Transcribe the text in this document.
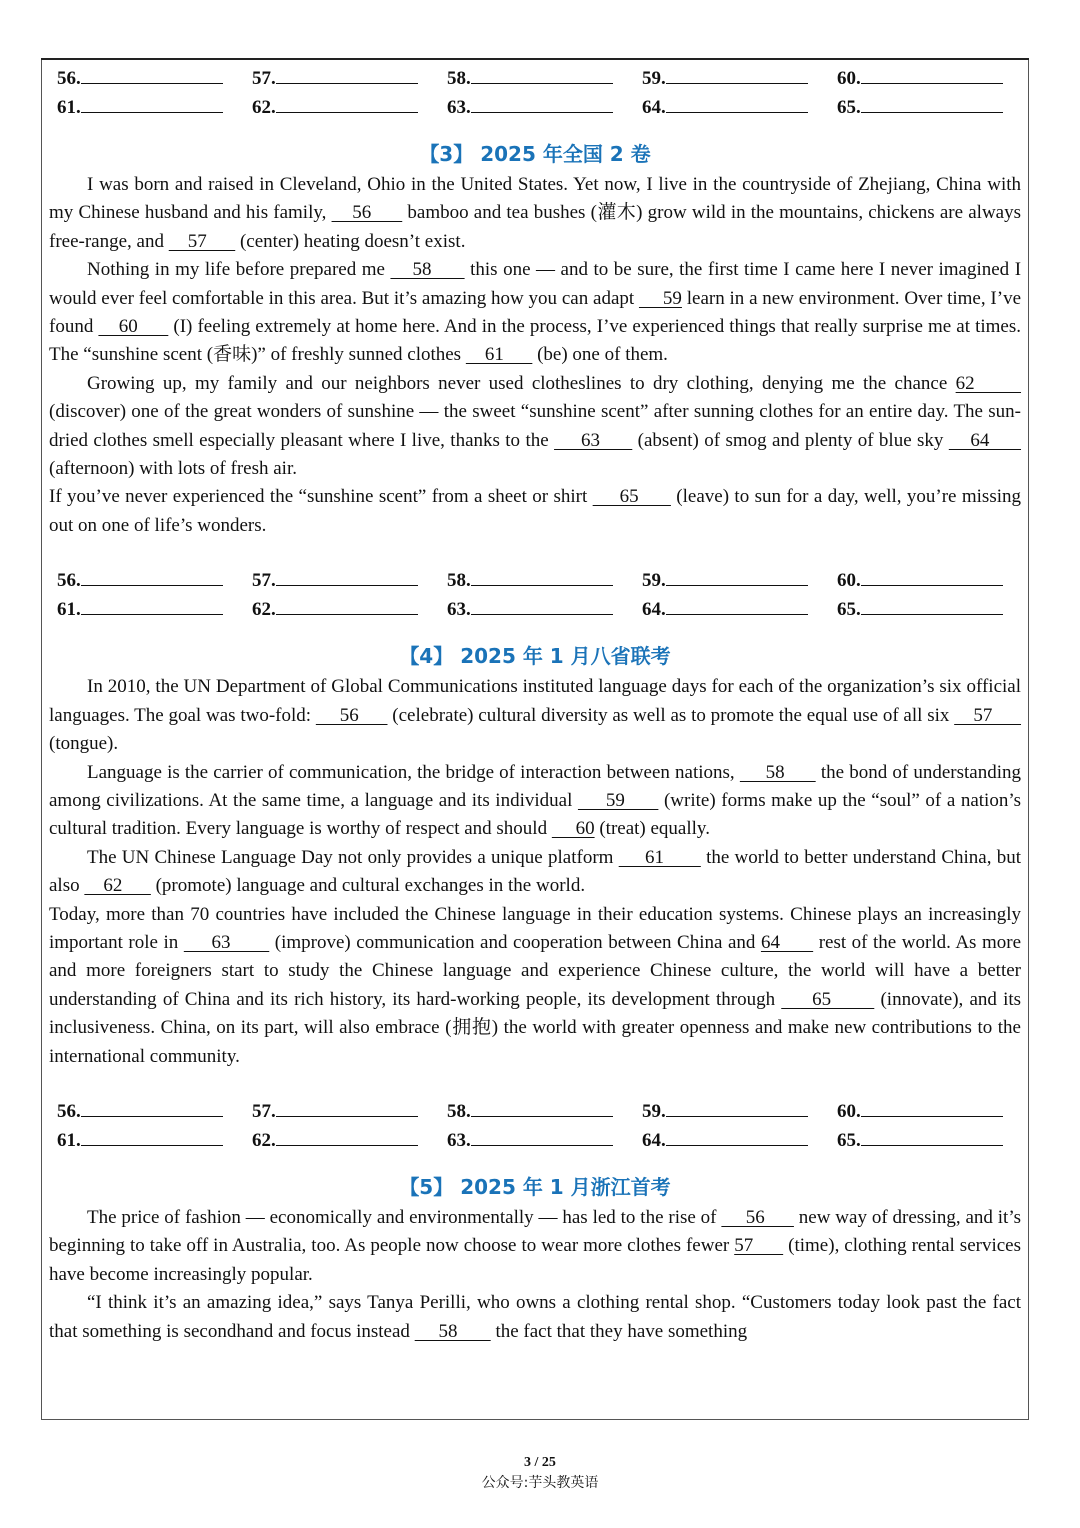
56.	57.	58.	59.	60.
61.	62.	63.	64.	65.
【3】 2025 年全国 2 卷

I was born and raised in Cleveland, Ohio in the United States. Yet now, I live in the countryside of Zhejiang, China with my Chinese husband and his family,     56       bamboo and tea bushes (灌木) grow wild in the mountains, chickens are always free-range, and     57       (center) heating doesn’t exist.

Nothing in my life before prepared me     58       this one — and to be sure, the first time I came here I never imagined I would ever feel comfortable in this area. But it’s amazing how you can adapt      59 learn in a new environment. Over time, I’ve found     60       (I) feeling extremely at home here. And in the process, I’ve experienced things that really surprise me at times. The “sunshine scent (香味)” of freshly sunned clothes     61       (be) one of them.

Growing up, my family and our neighbors never used clotheslines to dry clothing, denying me the chance 62       (discover) one of the great wonders of sunshine — the sweet “sunshine scent” after sunning clothes for an entire day. The sun-dried clothes smell especially pleasant where I live, thanks to the      63       (absent) of smog and plenty of blue sky     64       (afternoon) with lots of fresh air.

If you’ve never experienced the “sunshine scent” from a sheet or shirt      65       (leave) to sun for a day, well, you’re missing out on one of life’s wonders.

56.	57.	58.	59.	60.
61.	62.	63.	64.	65.
【4】 2025 年 1 月八省联考

In 2010, the UN Department of Global Communications instituted language days for each of the organization’s six official languages. The goal was two-fold:      56       (celebrate) cultural diversity as well as to promote the equal use of all six     57       (tongue).

Language is the carrier of communication, the bridge of interaction between nations,      58       the bond of understanding among civilizations. At the same time, a language and its individual      59       (write) forms make up the “soul” of a nation’s cultural tradition. Every language is worthy of respect and should      60 (treat) equally.

The UN Chinese Language Day not only provides a unique platform      61        the world to better understand China, but also     62       (promote) language and cultural exchanges in the world.

Today, more than 70 countries have included the Chinese language in their education systems. Chinese plays an increasingly important role in      63        (improve) communication and cooperation between China and 64       rest of the world. As more and more foreigners start to study the Chinese language and experience Chinese culture, the world will have a better understanding of China and its rich history, its hard-working people, its development through      65        (innovate), and its inclusiveness. China, on its part, will also embrace (拥抱) the world with greater openness and make new contributions to the international community.

56.	57.	58.	59.	60.
61.	62.	63.	64.	65.
【5】 2025 年 1 月浙江首考

The price of fashion — economically and environmentally — has led to the rise of      56       new way of dressing, and it’s beginning to take off in Australia, too. As people now choose to wear more clothes fewer 57       (time), clothing rental services have become increasingly popular.

“I think it’s an amazing idea,” says Tanya Perilli, who owns a clothing rental shop. “Customers today look past the fact that something is secondhand and focus instead      58        the fact that they have something

3 / 25
公众号:芋头教英语
